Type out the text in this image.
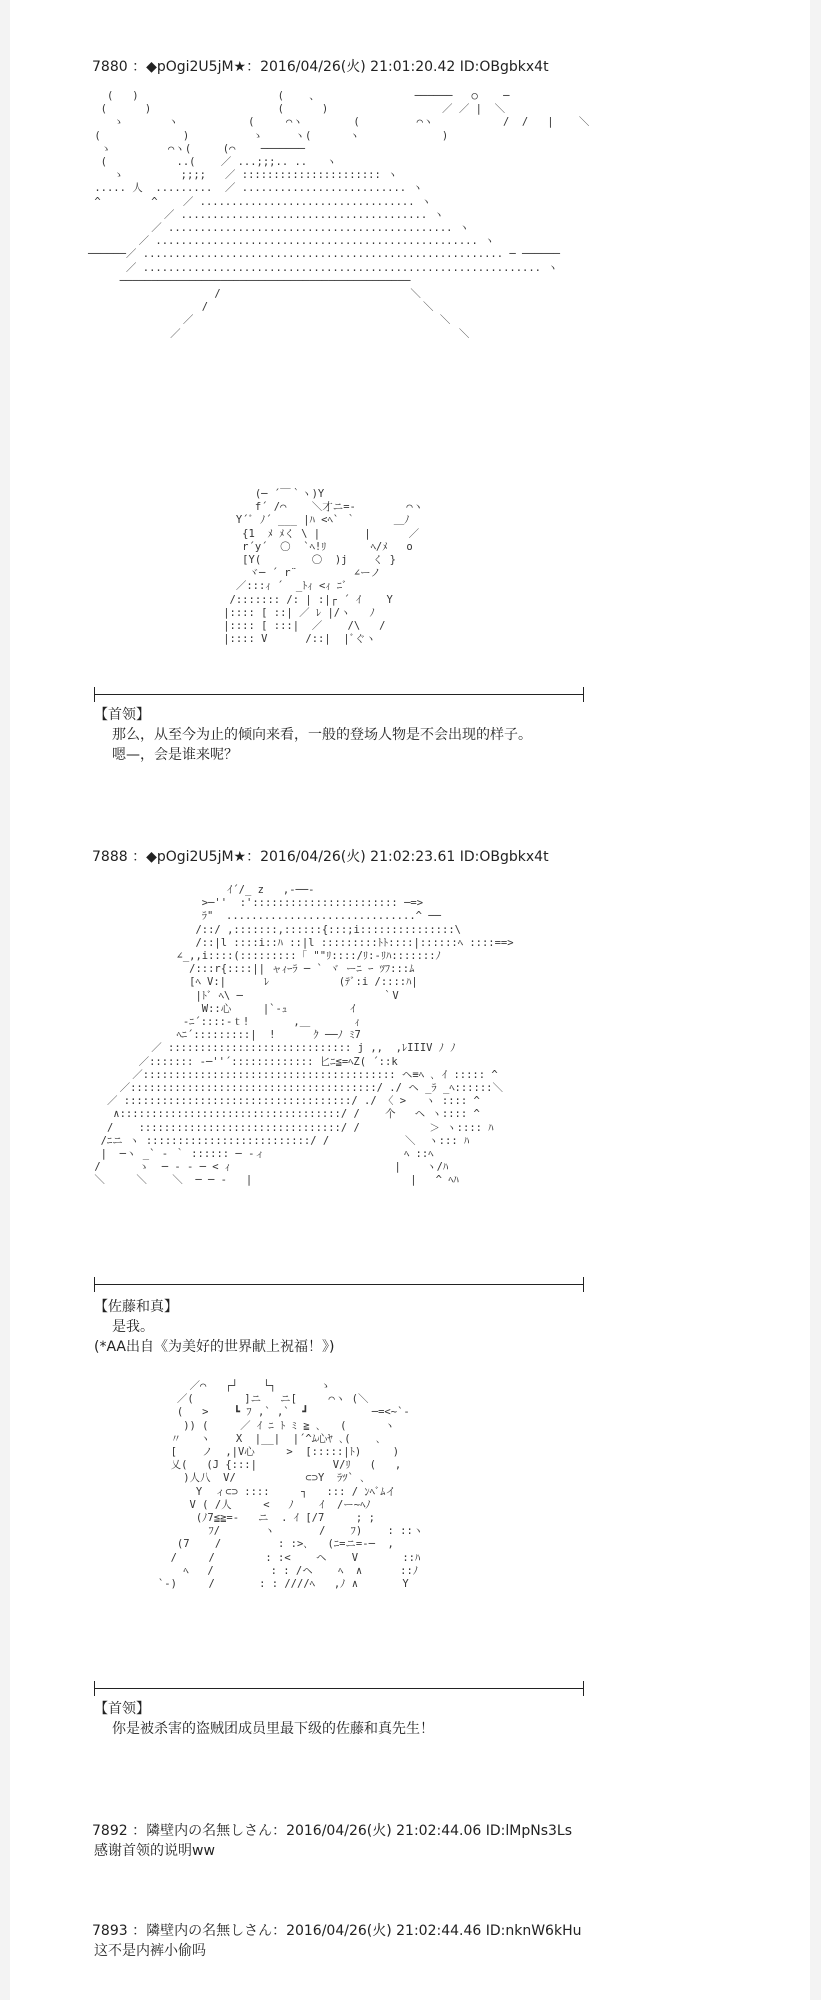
7880 ：◆pOgi2U5jM★：2016/04/26(火) 21:01:20.42 ID:OBgbkx4t
(   )                      (    、               ──────   ○    ─
(      )                    (      )                  ／ ／ |  ＼
ゝ       ヽ           (     ⌒ヽ        (         ⌒ヽ           /  /   |    ＼
(             )          ゝ     ヽ(      ヽ             )
ゝ         ⌒ヽ(     (⌒    ───────
(           ..(    ／ ...;;;.. ..   ヽ
ゝ         ;;;;   ／ :::::::::::::::::::::: ヽ
..... 人  .........  ／ .......................... ヽ
^        ^    ／ .................................. ヽ
／ ....................................... ヽ
／ ............................................. ヽ
／ ................................................... ヽ
──────／ ......................................................... ─ ──────
／ ............................................................... ヽ
──────────────────────────────────────────────
/                              ＼
/                                  ＼
／                                       ＼
／                                            ＼
(─ ´￣｀ヽ)Y
f´ /⌒    ＼才ニ=-        ⌒ヽ
Y´ﾞ ﾉ´ ___ |ﾊ <ﾍ` ｀      ＿ﾉ
{1  ﾒ ﾒく \ |       |      ／
r´y´  〇  `ﾍ!ﾘ       ﾍ/ﾒ   o
[Y(        〇  )j    く }
ヾ─ ´ r¨         ∠ーノ
／:::ｨ ´  _ﾄｨ <ｨ ﾆﾞ
/::::::: /: | :|┌ ´ ｲ    Y
|:::: [ ::| ／ ﾚ |/ヽ   ﾉ
|:::: [ :::|  ／    /\   /
|:::: V      /::|  |ﾞぐヽ
【首领】
那么，从至今为止的倾向来看，一般的登场人物是不会出现的样子。
嗯—，会是谁来呢？
7888 ：◆pOgi2U5jM★：2016/04/26(火) 21:02:23.61 ID:OBgbkx4t
ｲ´/_ z   ,-──-
>─''  :'::::::::::::::::::::::: ─=>
ﾗ"  ..............................^ ──
/::/ ,:::::::,::::::{:::;i:::::::::::::::\
/::|l ::::i::ﾊ ::|l :::::::::ﾄﾄ::::|::::::ﾍ ::::==>
∠_,,i::::(:::::::::「 ""ﾘ::::/ﾘ:-ﾘﾊ:::::::ﾉ
/:::r{::::|| ャｨｰﾗ ─ ` ヾ ーﾆ ｰ ﾂﾌ:::ﾑ
[ﾍ V:|      ﾚ           (ﾃﾞ:i /::::ﾊ|
|ﾄﾞ ﾍ\ ─                      ｀V
W::心     |`-ｭ          ｲ
-ﾆ´::::-ｔ!       ,＿       ｨ
ﾍﾆ´:::::::::|  !      ｸ ──ﾉ ﾐ7
／ ::::::::::::::::::::::::::::: j ,,  ,ﾚIIIV ﾉ ﾉ
／::::::: -─''´::::::::::::: 匕ﾆ≦=ﾍZ( ´::k
／:::::::::::::::::::::::::::::::::::::::: ヘ≡ﾍ ､ ｲ ::::: ^
／:::::::::::::::::::::::::::::::::::::::/ ./ ヘ _ﾗ _ﾍ::::::＼
／ ::::::::::::::::::::::::::::::::::::/ ./ 〈 >   ヽ :::: ^
∧:::::::::::::::::::::::::::::::::::/ /    个   ヘ ヽ:::: ^
/    ::::::::::::::::::::::::::::::::/ /           ＞ ヽ:::: ﾊ
/ﾆニ ヽ ::::::::::::::::::::::::::/ /            ＼  ヽ::: ﾊ
|  ─ヽ _` - ｀ :::::: ─ -ィ                      ﾍ ::ﾍ
/      ゝ  ─ - - ─ < ｨ                          |    ヽ/ﾊ
＼     ＼    ＼  ─ ─ -   |                         |   ^ ﾍﾊ
【佐藤和真】
是我。
(*AA出自《为美好的世界献上祝福！》)
／⌒   ┌┘    └┐       ゝ
／(        ]ニ   ニ[     ⌒ヽ (＼
(   >    ┗ ﾌ ,` ,`  ┛          ─=<~`-
)) (     ／ ｲ ﾆ ﾄ ﾐ ≧ ､   (      ヽ
〃   ヽ    X  |__|  |´^ﾑ心ﾔ ､(    ､
[    ノ  ,|V心     >  [:::::|ﾄ)     )
乂(   (J {:::|            V/ﾘ   (   ,
)人八  V/           ⊂⊃Y  ﾗﾂ` ､
Y  ィ⊂⊃ ::::     ┐   ::: / ﾝﾍﾞﾑイ
V ( /人     <   ﾉ    ｲ  /ー~ﾍﾉ
(ﾉ7≦≧=-   ニ  . ｲ [/7     ; ;
ﾌ/       ヽ       /    ﾌ)    : ::ヽ
(7    /         : :>､   (ﾆ=ニ=-─  ,
/     /        : :<    ヘ    V       ::ﾊ
ﾍ   /         : : /ヘ    ﾍ  ∧      ::ﾉ
`-)     /       : : ////ﾍ   ,ﾉ ∧       Y
【首领】
你是被杀害的盗贼团成员里最下级的佐藤和真先生！
7892 ：隣壁内の名無しさん：2016/04/26(火) 21:02:44.06 ID:lMpNs3Ls
感谢首领的说明ww
7893 ：隣壁内の名無しさん：2016/04/26(火) 21:02:44.46 ID:nknW6kHu
这不是内裤小偷吗
